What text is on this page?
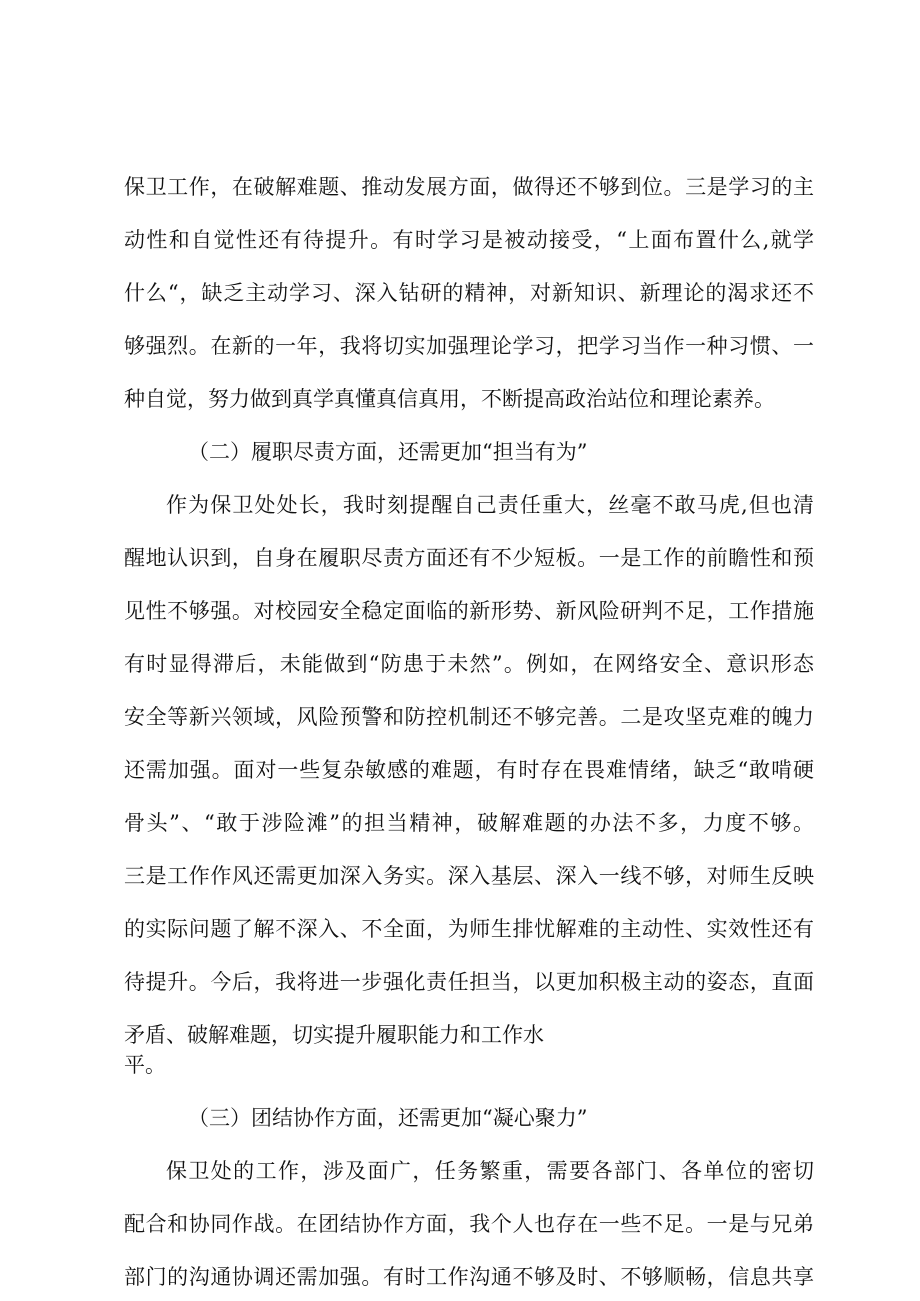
保卫工作，在破解难题、推动发展方面，做得还不够到位。三是学习的主
动性和自觉性还有待提升。有时学习是被动接受，“上面布置什么,就学
什么“，缺乏主动学习、深入钻研的精神，对新知识、新理论的渴求还不
够强烈。在新的一年，我将切实加强理论学习，把学习当作一种习惯、一
种自觉，努力做到真学真懂真信真用，不断提高政治站位和理论素养。
（二）履职尽责方面，还需更加“担当有为”
作为保卫处处长，我时刻提醒自己责任重大，丝毫不敢马虎,但也清
醒地认识到，自身在履职尽责方面还有不少短板。一是工作的前瞻性和预
见性不够强。对校园安全稳定面临的新形势、新风险研判不足，工作措施
有时显得滞后，未能做到“防患于未然”。例如，在网络安全、意识形态
安全等新兴领域，风险预警和防控机制还不够完善。二是攻坚克难的魄力
还需加强。面对一些复杂敏感的难题，有时存在畏难情绪，缺乏“敢啃硬
骨头”、“敢于涉险滩”的担当精神，破解难题的办法不多，力度不够。
三是工作作风还需更加深入务实。深入基层、深入一线不够，对师生反映
的实际问题了解不深入、不全面，为师生排忧解难的主动性、实效性还有
待提升。今后，我将进一步强化责任担当，以更加积极主动的姿态，直面
矛盾、破解难题，切实提升履职能力和工作水
平。
（三）团结协作方面，还需更加“凝心聚力”
保卫处的工作，涉及面广，任务繁重，需要各部门、各单位的密切
配合和协同作战。在团结协作方面，我个人也存在一些不足。一是与兄弟
部门的沟通协调还需加强。有时工作沟通不够及时、不够顺畅，信息共享
